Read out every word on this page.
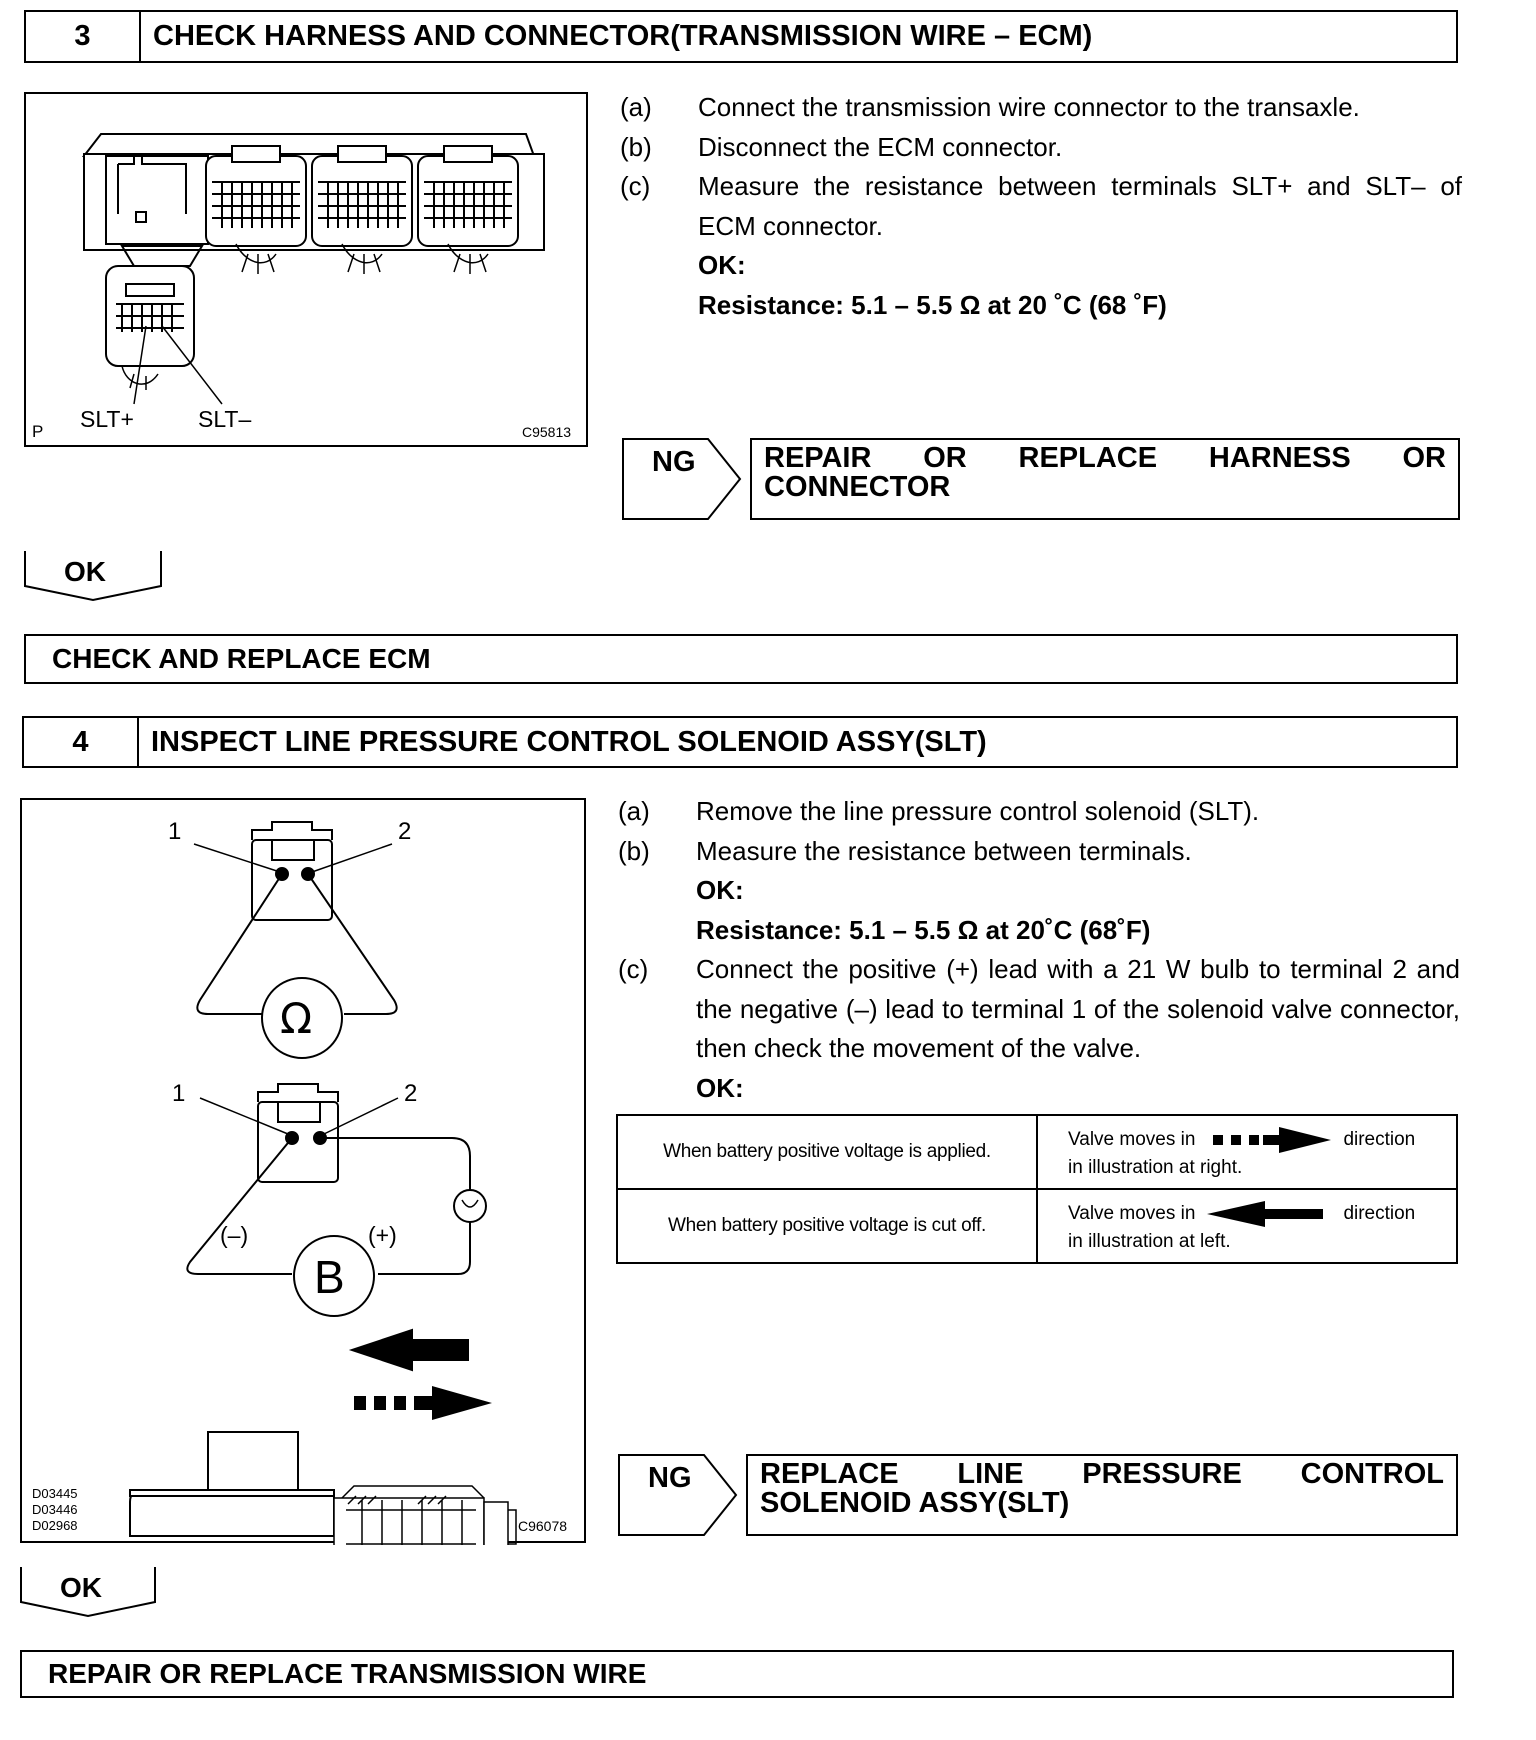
3	CHECK HARNESS AND CONNECTOR(TRANSMISSION WIRE – ECM)
P SLT+	SLT–	C95813
(a)	Connect the transmission wire connector to the transaxle.
(b)	Disconnect the ECM connector.
(c)	Measure the resistance between terminals SLT+ and SLT– of ECM connector.
OK:
Resistance: 5.1 – 5.5 Ω at 20 ˚C (68 ˚F)
NG REPAIR OR REPLACE HARNESS OR
CONNECTOR
OK
CHECK AND REPLACE ECM
4	INSPECT LINE PRESSURE CONTROL SOLENOID ASSY(SLT)
1	2
Ω
1	2
(–)	(+)
B
D03445
D03446
D02968	C96078
(a)	Remove the line pressure control solenoid (SLT).
(b)	Measure the resistance between terminals.
OK:
Resistance: 5.1 – 5.5 Ω at 20˚C (68˚F)
(c)	Connect the positive (+) lead with a 21 W bulb to terminal 2 and the negative (–) lead to terminal 1 of the solenoid valve connector, then check the movement of the valve.
OK:
When battery positive voltage is applied.	Valve moves in direction
in illustration at right.

When battery positive voltage is cut off.	Valve moves in direction
in illustration at left.
NG REPLACE LINE PRESSURE CONTROL
SOLENOID ASSY(SLT)
OK
REPAIR OR REPLACE TRANSMISSION WIRE
